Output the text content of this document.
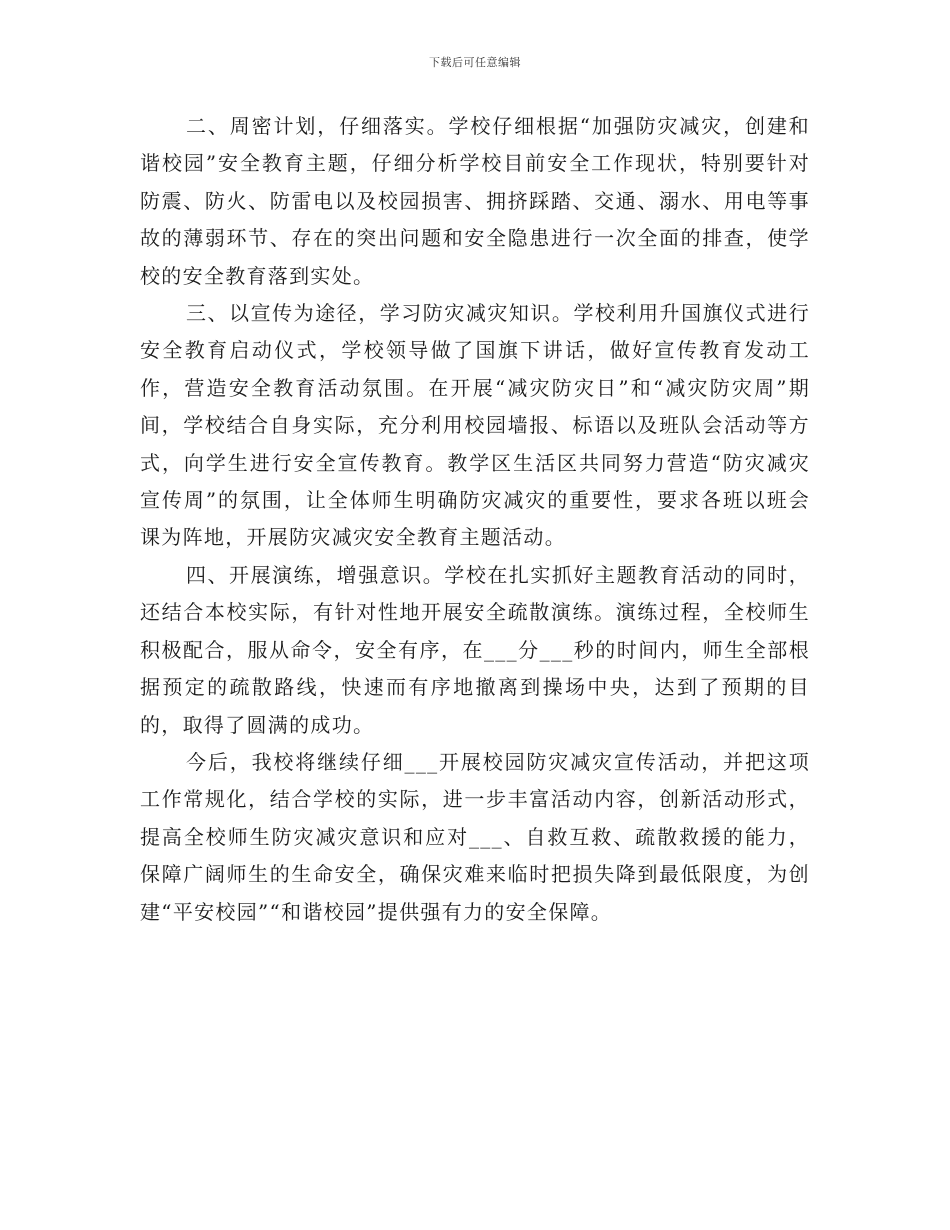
下载后可任意编辑

二、周密计划，仔细落实。学校仔细根据“加强防灾减灾，创建和谐校园”安全教育主题，仔细分析学校目前安全工作现状，特别要针对防震、防火、防雷电以及校园损害、拥挤踩踏、交通、溺水、用电等事故的薄弱环节、存在的突出问题和安全隐患进行一次全面的排查，使学校的安全教育落到实处。

三、以宣传为途径，学习防灾减灾知识。学校利用升国旗仪式进行安全教育启动仪式，学校领导做了国旗下讲话，做好宣传教育发动工作，营造安全教育活动氛围。在开展“减灾防灾日”和“减灾防灾周”期间，学校结合自身实际，充分利用校园墙报、标语以及班队会活动等方式，向学生进行安全宣传教育。教学区生活区共同努力营造“防灾减灾宣传周”的氛围，让全体师生明确防灾减灾的重要性，要求各班以班会课为阵地，开展防灾减灾安全教育主题活动。

四、开展演练，增强意识。学校在扎实抓好主题教育活动的同时，还结合本校实际，有针对性地开展安全疏散演练。演练过程，全校师生积极配合，服从命令，安全有序，在___分___秒的时间内，师生全部根据预定的疏散路线，快速而有序地撤离到操场中央，达到了预期的目的，取得了圆满的成功。

今后，我校将继续仔细___开展校园防灾减灾宣传活动，并把这项工作常规化，结合学校的实际，进一步丰富活动内容，创新活动形式，提高全校师生防灾减灾意识和应对___、自救互救、疏散救援的能力，保障广阔师生的生命安全，确保灾难来临时把损失降到最低限度，为创建“平安校园”“和谐校园”提供强有力的安全保障。
